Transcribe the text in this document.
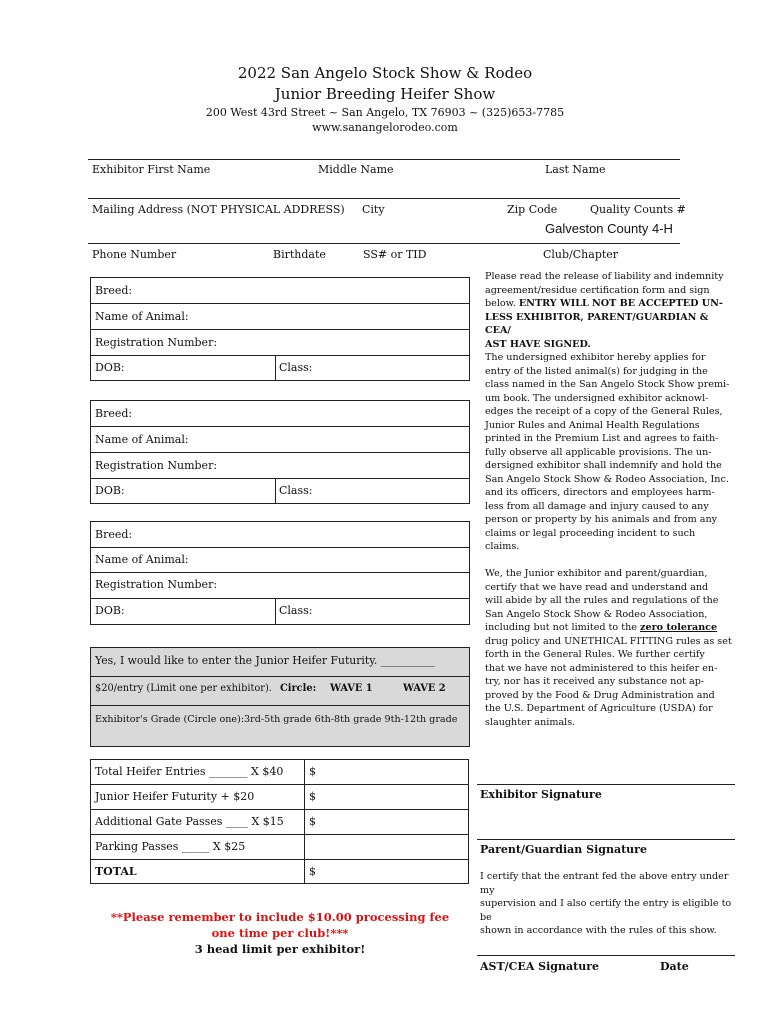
2022 San Angelo Stock Show & Rodeo
Junior Breeding Heifer Show
200 West 43rd Street ~ San Angelo, TX 76903 ~ (325)653-7785
www.sanangelorodeo.com
Exhibitor First Name	Middle Name	Last Name
Mailing Address (NOT PHYSICAL ADDRESS) City	Zip Code	Quality Counts #
Galveston County 4-H
Phone Number	Birthdate	SS# or TID	Club/Chapter
Breed:
Name of Animal:
Registration Number:
DOB:	Class:
Breed:
Name of Animal:
Registration Number:
DOB:	Class:
Breed:
Name of Animal:
Registration Number:
DOB:	Class:
Yes, I would like to enter the Junior Heifer Futurity. __________
$20/entry (Limit one per exhibitor). Circle: WAVE 1	WAVE 2
Exhibitor's Grade (Circle one):3rd-5th grade 6th-8th grade 9th-12th grade
Total Heifer Entries _______ X $40 $
Junior Heifer Futurity + $20	$
Additional Gate Passes ____ X $15 $
Parking Passes _____ X $25
TOTAL	$
**Please remember to include $10.00 processing fee
one time per club!***
3 head limit per exhibitor!
Please read the release of liability and indemnity
agreement/residue certification form and sign
below. ENTRY WILL NOT BE ACCEPTED UN-
LESS EXHIBITOR, PARENT/GUARDIAN & CEA/
AST HAVE SIGNED.
The undersigned exhibitor hereby applies for
entry of the listed animal(s) for judging in the
class named in the San Angelo Stock Show premi-
um book. The undersigned exhibitor acknowl-
edges the receipt of a copy of the General Rules,
Junior Rules and Animal Health Regulations
printed in the Premium List and agrees to faith-
fully observe all applicable provisions. The un-
dersigned exhibitor shall indemnify and hold the
San Angelo Stock Show & Rodeo Association, Inc.
and its officers, directors and employees harm-
less from all damage and injury caused to any
person or property by his animals and from any
claims or legal proceeding incident to such
claims.
We, the Junior exhibitor and parent/guardian,
certify that we have read and understand and
will abide by all the rules and regulations of the
San Angelo Stock Show & Rodeo Association,
including but not limited to the zero tolerance
drug policy and UNETHICAL FITTING rules as set
forth in the General Rules. We further certify
that we have not administered to this heifer en-
try, nor has it received any substance not ap-
proved by the Food & Drug Administration and
the U.S. Department of Agriculture (USDA) for
slaughter animals.
Exhibitor Signature
Parent/Guardian Signature
I certify that the entrant fed the above entry under my
supervision and I also certify the entry is eligible to be
shown in accordance with the rules of this show.
AST/CEA Signature	Date
